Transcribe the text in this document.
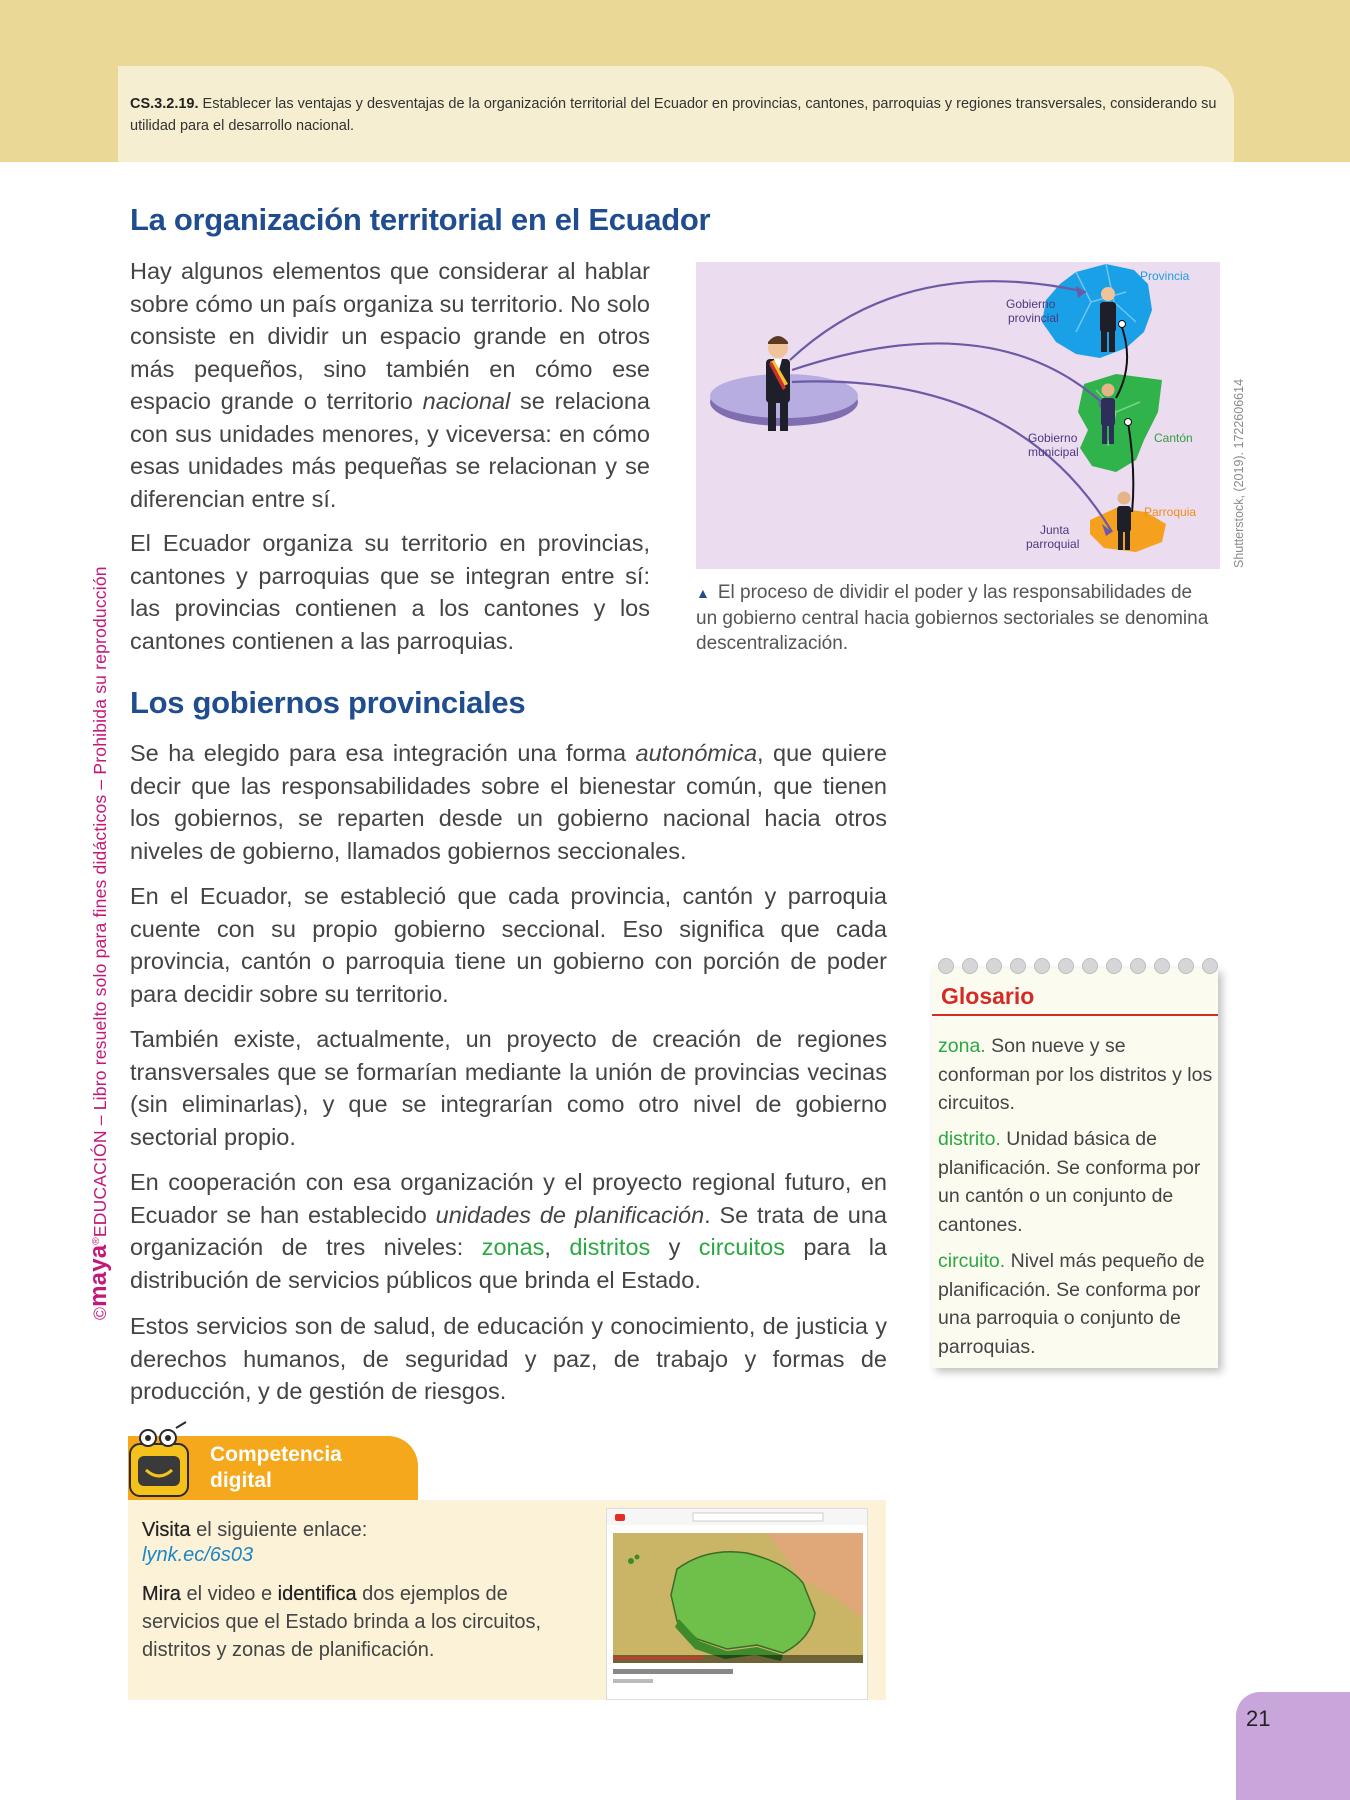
CS.3.2.19. Establecer las ventajas y desventajas de la organización territorial del Ecuador en provincias, cantones, parroquias y regiones transversales, considerando su utilidad para el desarrollo nacional.
©maya®EDUCACIÓN – Libro resuelto solo para fines didácticos – Prohibida su reproducción
La organización territorial en el Ecuador
Hay algunos elementos que considerar al hablar sobre cómo un país organiza su territorio. No solo consiste en dividir un espacio grande en otros más pequeños, sino también en cómo ese espacio grande o territorio nacional se relaciona con sus unidades menores, y viceversa: en cómo esas unidades más pequeñas se relacionan y se diferencian entre sí.
El Ecuador organiza su territorio en provincias, cantones y parroquias que se integran entre sí: las provincias contienen a los cantones y los cantones contienen a las parroquias.
Provincia
Gobierno
provincial
Cantón
Gobierno
municipal
Parroquia
Junta
parroquial	Shutterstock, (2019). 1722606614
▲ El proceso de dividir el poder y las responsabilidades de un gobierno central hacia gobiernos sectoriales se denomina descentralización.
Los gobiernos provinciales
Se ha elegido para esa integración una forma autonómica, que quiere decir que las responsabilidades sobre el bienestar común, que tienen los gobiernos, se reparten desde un gobierno nacional hacia otros niveles de gobierno, llamados gobiernos seccionales.
En el Ecuador, se estableció que cada provincia, cantón y parroquia cuente con su propio gobierno seccional. Eso significa que cada provincia, cantón o parroquia tiene un gobierno con porción de poder para decidir sobre su territorio.
También existe, actualmente, un proyecto de creación de regiones transversales que se formarían mediante la unión de provincias vecinas (sin eliminarlas), y que se integrarían como otro nivel de gobierno sectorial propio.
En cooperación con esa organización y el proyecto regional futuro, en Ecuador se han establecido unidades de planificación. Se trata de una organización de tres niveles: zonas, distritos y circuitos para la distribución de servicios públicos que brinda el Estado.
Estos servicios son de salud, de educación y conocimiento, de justicia y derechos humanos, de seguridad y paz, de trabajo y formas de producción, y de gestión de riesgos.
Glosario
zona. Son nueve y se conforman por los distritos y los circuitos.
distrito. Unidad básica de planificación. Se conforma por un cantón o un conjunto de cantones.
circuito. Nivel más pequeño de planificación. Se conforma por una parroquia o conjunto de parroquias.
Competencia
digital
Visita el siguiente enlace:
lynk.ec/6s03
Mira el video e identifica dos ejemplos de servicios que el Estado brinda a los circuitos, distritos y zonas de planificación.
21
